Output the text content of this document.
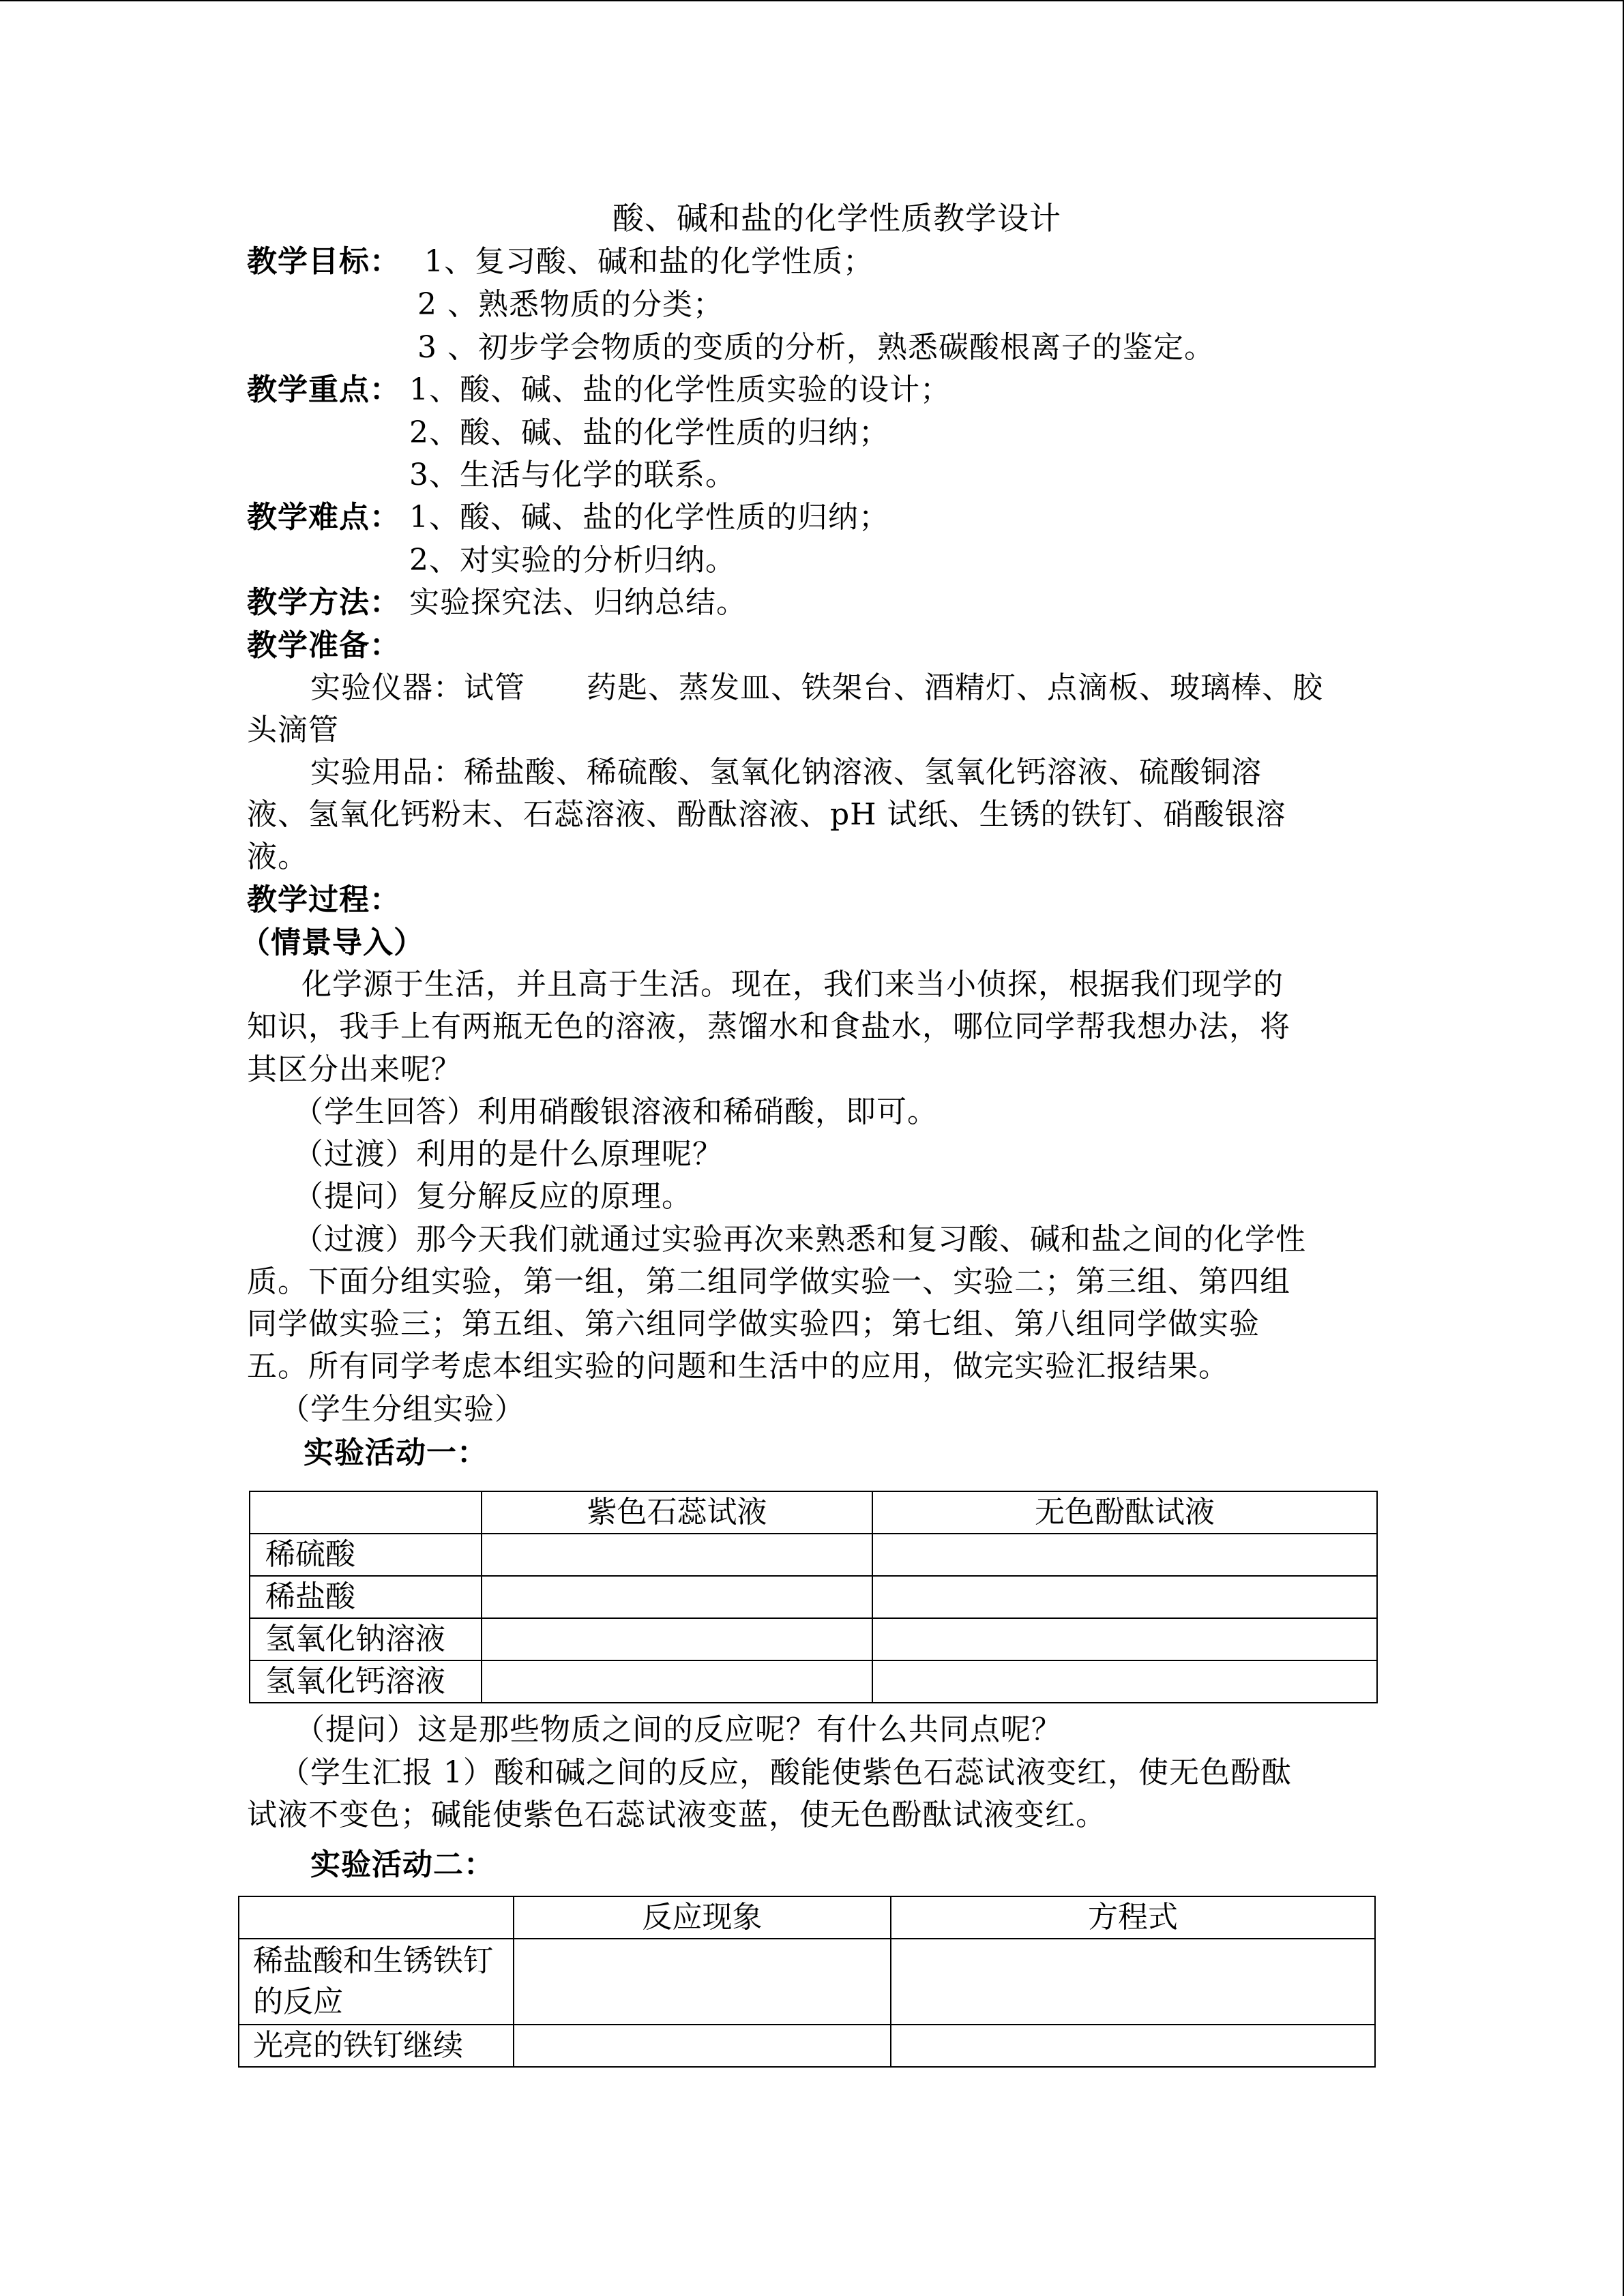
酸、碱和盐的化学性质教学设计
教学目标： 1、复习酸、碱和盐的化学性质；
2 、熟悉物质的分类；
3 、初步学会物质的变质的分析，熟悉碳酸根离子的鉴定。
教学重点： 1、酸、碱、盐的化学性质实验的设计；
2、酸、碱、盐的化学性质的归纳；
3、生活与化学的联系。
教学难点： 1、酸、碱、盐的化学性质的归纳；
2、对实验的分析归纳。
教学方法： 实验探究法、归纳总结。
教学准备：
实验仪器：试管　　药匙、蒸发皿、铁架台、酒精灯、点滴板、玻璃棒、胶
头滴管
实验用品：稀盐酸、稀硫酸、氢氧化钠溶液、氢氧化钙溶液、硫酸铜溶
液、氢氧化钙粉末、石蕊溶液、酚酞溶液、pH 试纸、生锈的铁钉、硝酸银溶
液。
教学过程：
（情景导入）
化学源于生活，并且高于生活。现在，我们来当小侦探，根据我们现学的
知识，我手上有两瓶无色的溶液，蒸馏水和食盐水，哪位同学帮我想办法，将
其区分出来呢？
（学生回答）利用硝酸银溶液和稀硝酸，即可。
（过渡）利用的是什么原理呢？
（提问）复分解反应的原理。
（过渡）那今天我们就通过实验再次来熟悉和复习酸、碱和盐之间的化学性
质。下面分组实验，第一组，第二组同学做实验一、实验二；第三组、第四组
同学做实验三；第五组、第六组同学做实验四；第七组、第八组同学做实验
五。所有同学考虑本组实验的问题和生活中的应用，做完实验汇报结果。
（学生分组实验）
实验活动一：
	紫色石蕊试液	无色酚酞试液
稀硫酸		
稀盐酸		
氢氧化钠溶液		
氢氧化钙溶液		
（提问）这是那些物质之间的反应呢？有什么共同点呢？
（学生汇报 1）酸和碱之间的反应，酸能使紫色石蕊试液变红，使无色酚酞
试液不变色；碱能使紫色石蕊试液变蓝，使无色酚酞试液变红。
实验活动二：
	反应现象	方程式
稀盐酸和生锈铁钉的反应		
光亮的铁钉继续		
